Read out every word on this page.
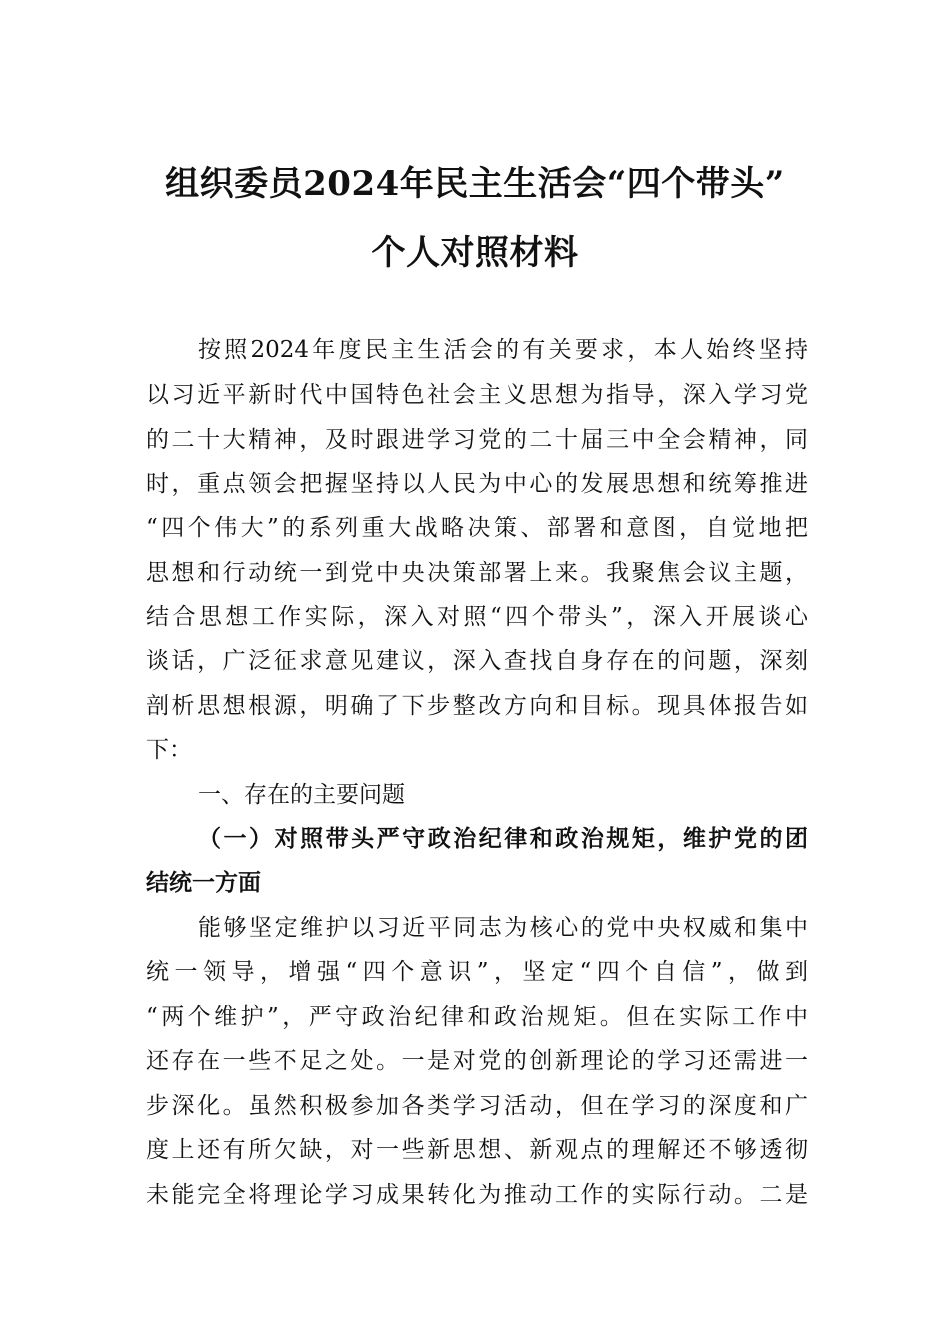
组织委员2024年民主生活会“四个带头”
个人对照材料
按照2024年度民主生活会的有关要求，本人始终坚持
以习近平新时代中国特色社会主义思想为指导，深入学习党
的二十大精神，及时跟进学习党的二十届三中全会精神，同
时，重点领会把握坚持以人民为中心的发展思想和统筹推进
“四个伟大”的系列重大战略决策、部署和意图，自觉地把
思想和行动统一到党中央决策部署上来。我聚焦会议主题，
结合思想工作实际，深入对照“四个带头”，深入开展谈心
谈话，广泛征求意见建议，深入查找自身存在的问题，深刻
剖析思想根源，明确了下步整改方向和目标。现具体报告如
下：
一、存在的主要问题
（一）对照带头严守政治纪律和政治规矩，维护党的团
结统一方面
能够坚定维护以习近平同志为核心的党中央权威和集中
统一领导，增强“四个意识”，坚定“四个自信”，做到
“两个维护”，严守政治纪律和政治规矩。但在实际工作中
还存在一些不足之处。一是对党的创新理论的学习还需进一
步深化。虽然积极参加各类学习活动，但在学习的深度和广
度上还有所欠缺，对一些新思想、新观点的理解还不够透彻
未能完全将理论学习成果转化为推动工作的实际行动。二是
